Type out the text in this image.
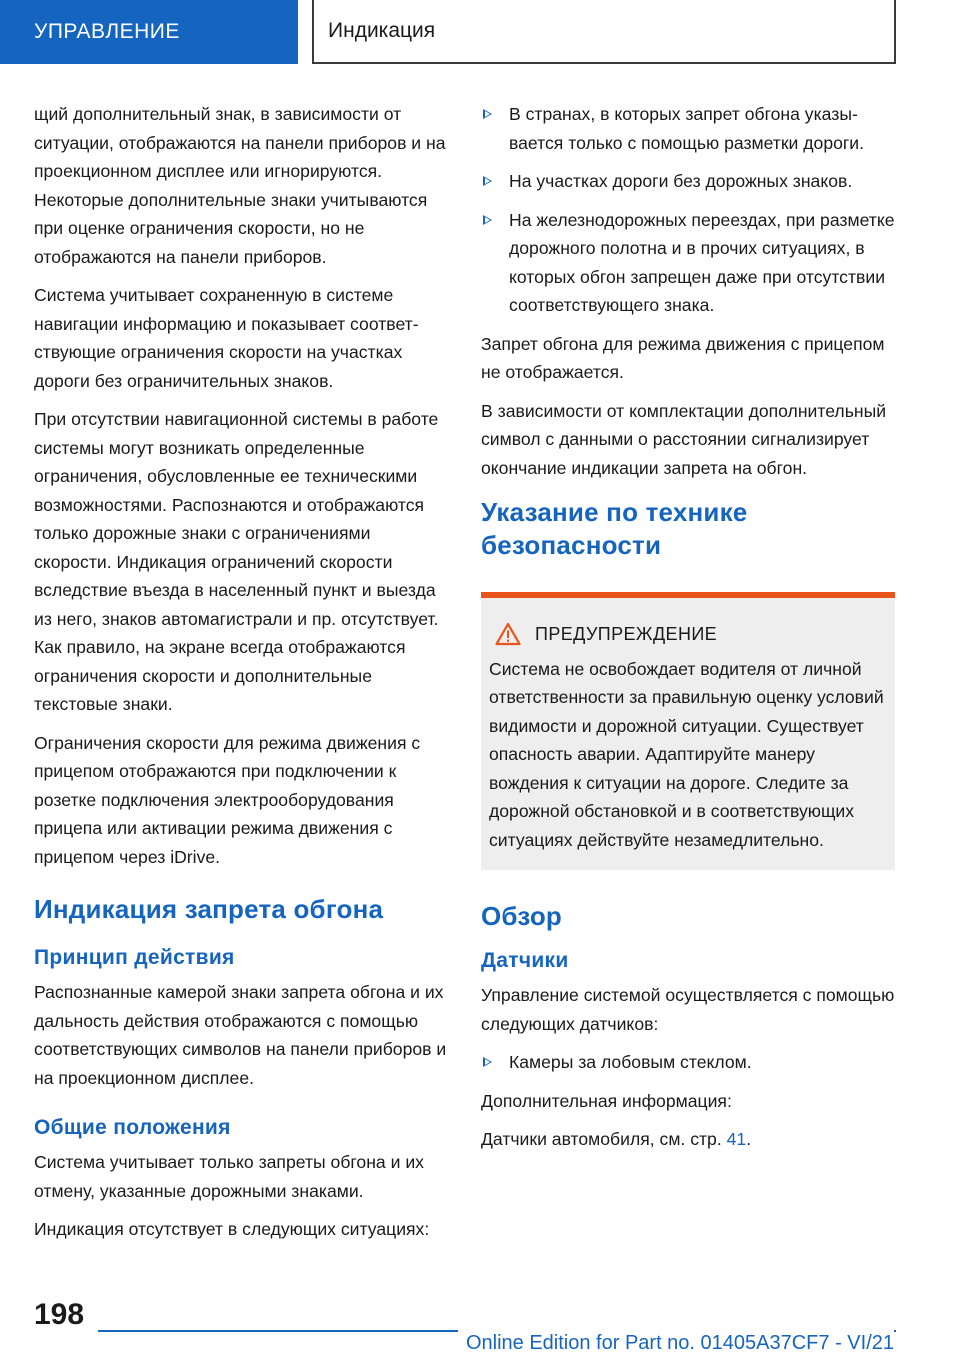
УПРАВЛЕНИЕ	Индикация

щий дополнительный знак, в зависимости от ситуации, отображаются на панели приборов и на проекционном дисплее или игнорируются. Некоторые дополнительные знаки учитываются при оценке ограничения скорости, но не отображаются на панели приборов.

Система учитывает сохраненную в системе навигации информацию и показывает соответствующие ограничения скорости на участках дороги без ограничительных знаков.

При отсутствии навигационной системы в работе системы могут возникать определенные ограничения, обусловленные ее техническими возможностями. Распознаются и отображаются только дорожные знаки с ограничениями скорости. Индикация ограничений скорости вследствие въезда в населенный пункт и выезда из него, знаков автомагистрали и пр. отсутствует. Как правило, на экране всегда отображаются ограничения скорости и дополнительные текстовые знаки.

Ограничения скорости для режима движения с прицепом отображаются при подключении к розетке подключения электрооборудования прицепа или активации режима движения с прицепом через iDrive.

Индикация запрета обгона
Принцип действия

Распознанные камерой знаки запрета обгона и их дальность действия отображаются с помощью соответствующих символов на панели приборов и на проекционном дисплее.

Общие положения

Система учитывает только запреты обгона и их отмену, указанные дорожными знаками.

Индикация отсутствует в следующих ситуациях:

В странах, в которых запрет обгона указывается только с помощью разметки дороги.
На участках дороги без дорожных знаков.
На железнодорожных переездах, при разметке дорожного полотна и в прочих ситуациях, в которых обгон запрещен даже при отсутствии соответствующего знака.

Запрет обгона для режима движения с прицепом не отображается.

В зависимости от комплектации дополнительный символ с данными о расстоянии сигнализирует окончание индикации запрета на обгон.

Указание по технике безопасности
ПРЕДУПРЕЖДЕНИЕ

Система не освобождает водителя от личной ответственности за правильную оценку условий видимости и дорожной ситуации. Существует опасность аварии. Адаптируйте манеру вождения к ситуации на дороге. Следите за дорожной обстановкой и в соответствующих ситуациях действуйте незамедлительно.

Обзор
Датчики

Управление системой осуществляется с помощью следующих датчиков:

Камеры за лобовым стеклом.

Дополнительная информация:

Датчики автомобиля, см. стр. 41.

198
Online Edition for Part no. 01405A37CF7 - VI/21
